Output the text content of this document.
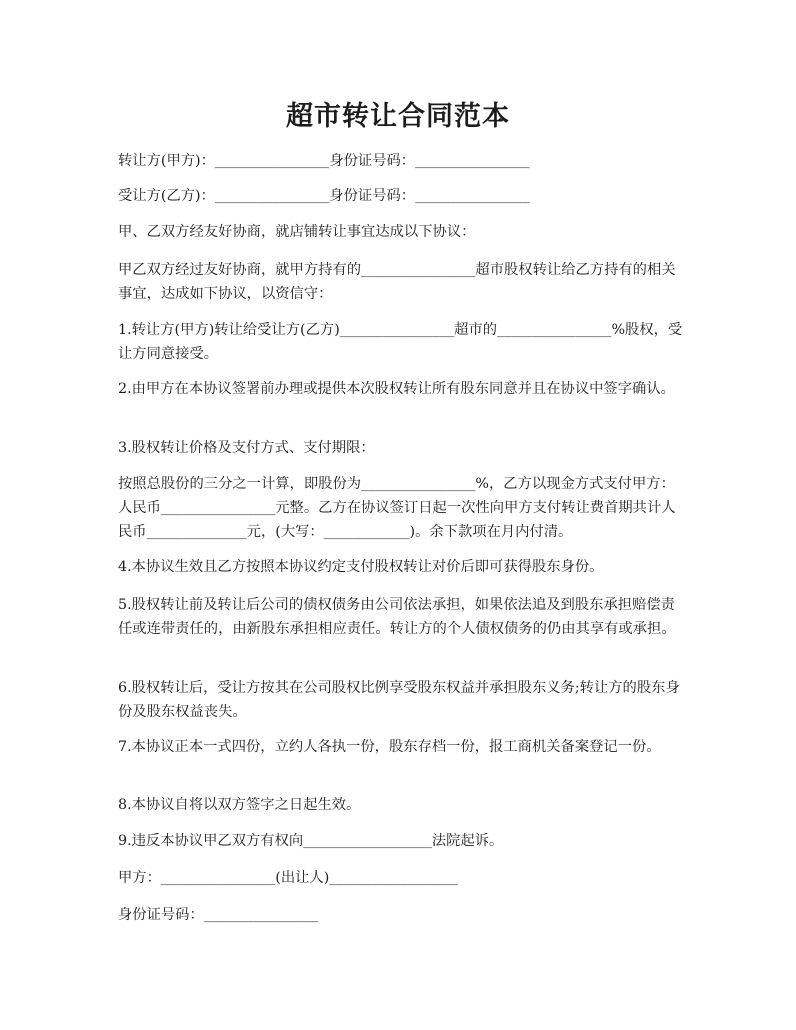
超市转让合同范本
转让方(甲方)：________________身份证号码：________________
受让方(乙方)：________________身份证号码：________________
甲、乙双方经友好协商，就店铺转让事宜达成以下协议：
甲乙双方经过友好协商，就甲方持有的________________超市股权转让给乙方持有的相关事宜，达成如下协议，以资信守：
1.转让方(甲方)转让给受让方(乙方)________________超市的________________%股权，受让方同意接受。
2.由甲方在本协议签署前办理或提供本次股权转让所有股东同意并且在协议中签字确认。
3.股权转让价格及支付方式、支付期限：
按照总股份的三分之一计算，即股份为________________%，乙方以现金方式支付甲方：人民币________________元整。乙方在协议签订日起一次性向甲方支付转让费首期共计人民币______________元，(大写：____________)。余下款项在月内付清。
4.本协议生效且乙方按照本协议约定支付股权转让对价后即可获得股东身份。
5.股权转让前及转让后公司的债权债务由公司依法承担，如果依法追及到股东承担赔偿责任或连带责任的，由新股东承担相应责任。转让方的个人债权债务的仍由其享有或承担。
6.股权转让后，受让方按其在公司股权比例享受股东权益并承担股东义务;转让方的股东身份及股东权益丧失。
7.本协议正本一式四份，立约人各执一份，股东存档一份，报工商机关备案登记一份。
8.本协议自将以双方签字之日起生效。
9.违反本协议甲乙双方有权向__________________法院起诉。
甲方：________________(出让人)__________________
身份证号码：________________
